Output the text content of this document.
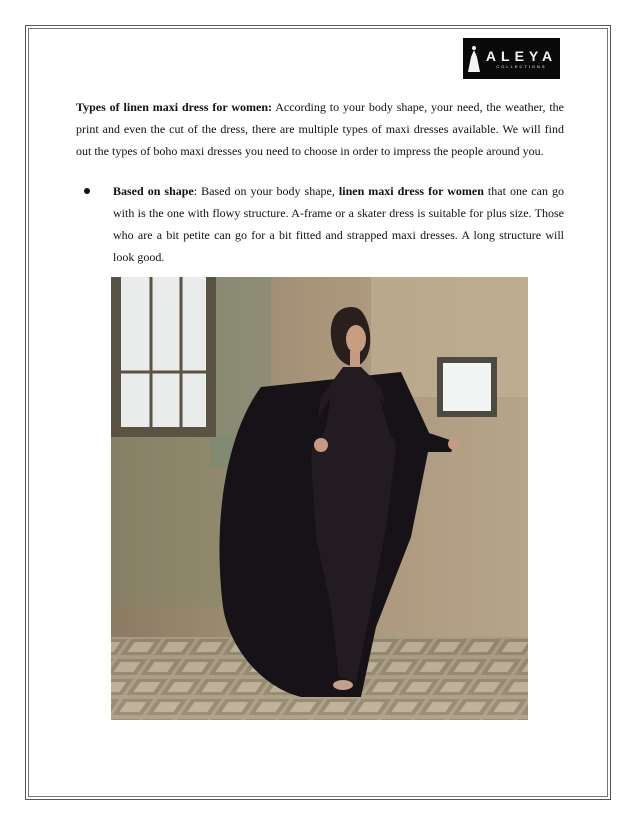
ALEYA
COLLECTIONS

Types of linen maxi dress for women: According to your body shape, your need, the weather, the print and even the cut of the dress, there are multiple types of maxi dresses available. We will find out the types of boho maxi dresses you need to choose in order to impress the people around you.

Based on shape: Based on your body shape, linen maxi dress for women that one can go with is the one with flowy structure. A-frame or a skater dress is suitable for plus size. Those who are a bit petite can go for a bit fitted and strapped maxi dresses. A long structure will look good.
